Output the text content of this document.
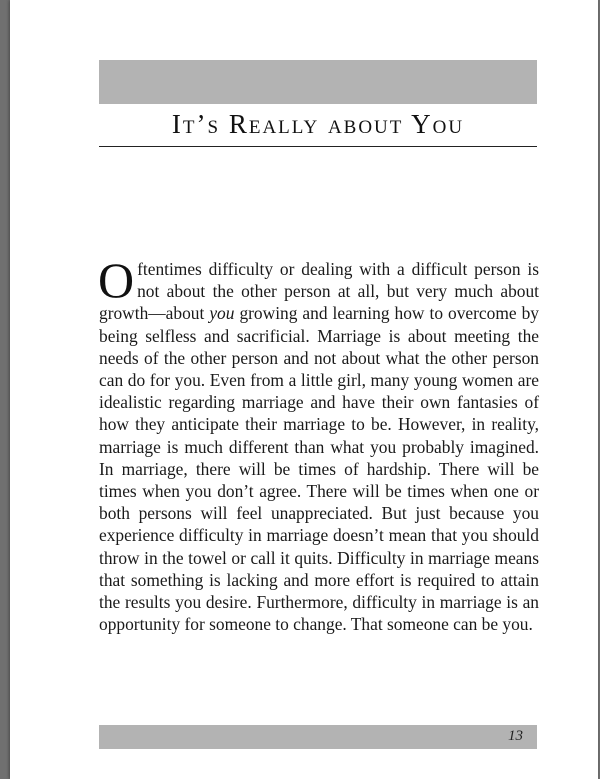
It’s Really about You

Oftentimes difficulty or dealing with a difficult person is not about the other person at all, but very much about growth—about you growing and learning how to overcome by being selfless and sacrificial. Marriage is about meeting the needs of the other person and not about what the other person can do for you. Even from a little girl, many young women are idealistic regarding marriage and have their own fantasies of how they anticipate their marriage to be. However, in reality, marriage is much different than what you probably imagined. In marriage, there will be times of hardship. There will be times when you don’t agree. There will be times when one or both persons will feel unappreciated. But just because you experience difficulty in marriage doesn’t mean that you should throw in the towel or call it quits. Difficulty in marriage means that something is lacking and more effort is required to attain the results you desire. Furthermore, difficulty in marriage is an opportunity for someone to change. That someone can be you.

13
